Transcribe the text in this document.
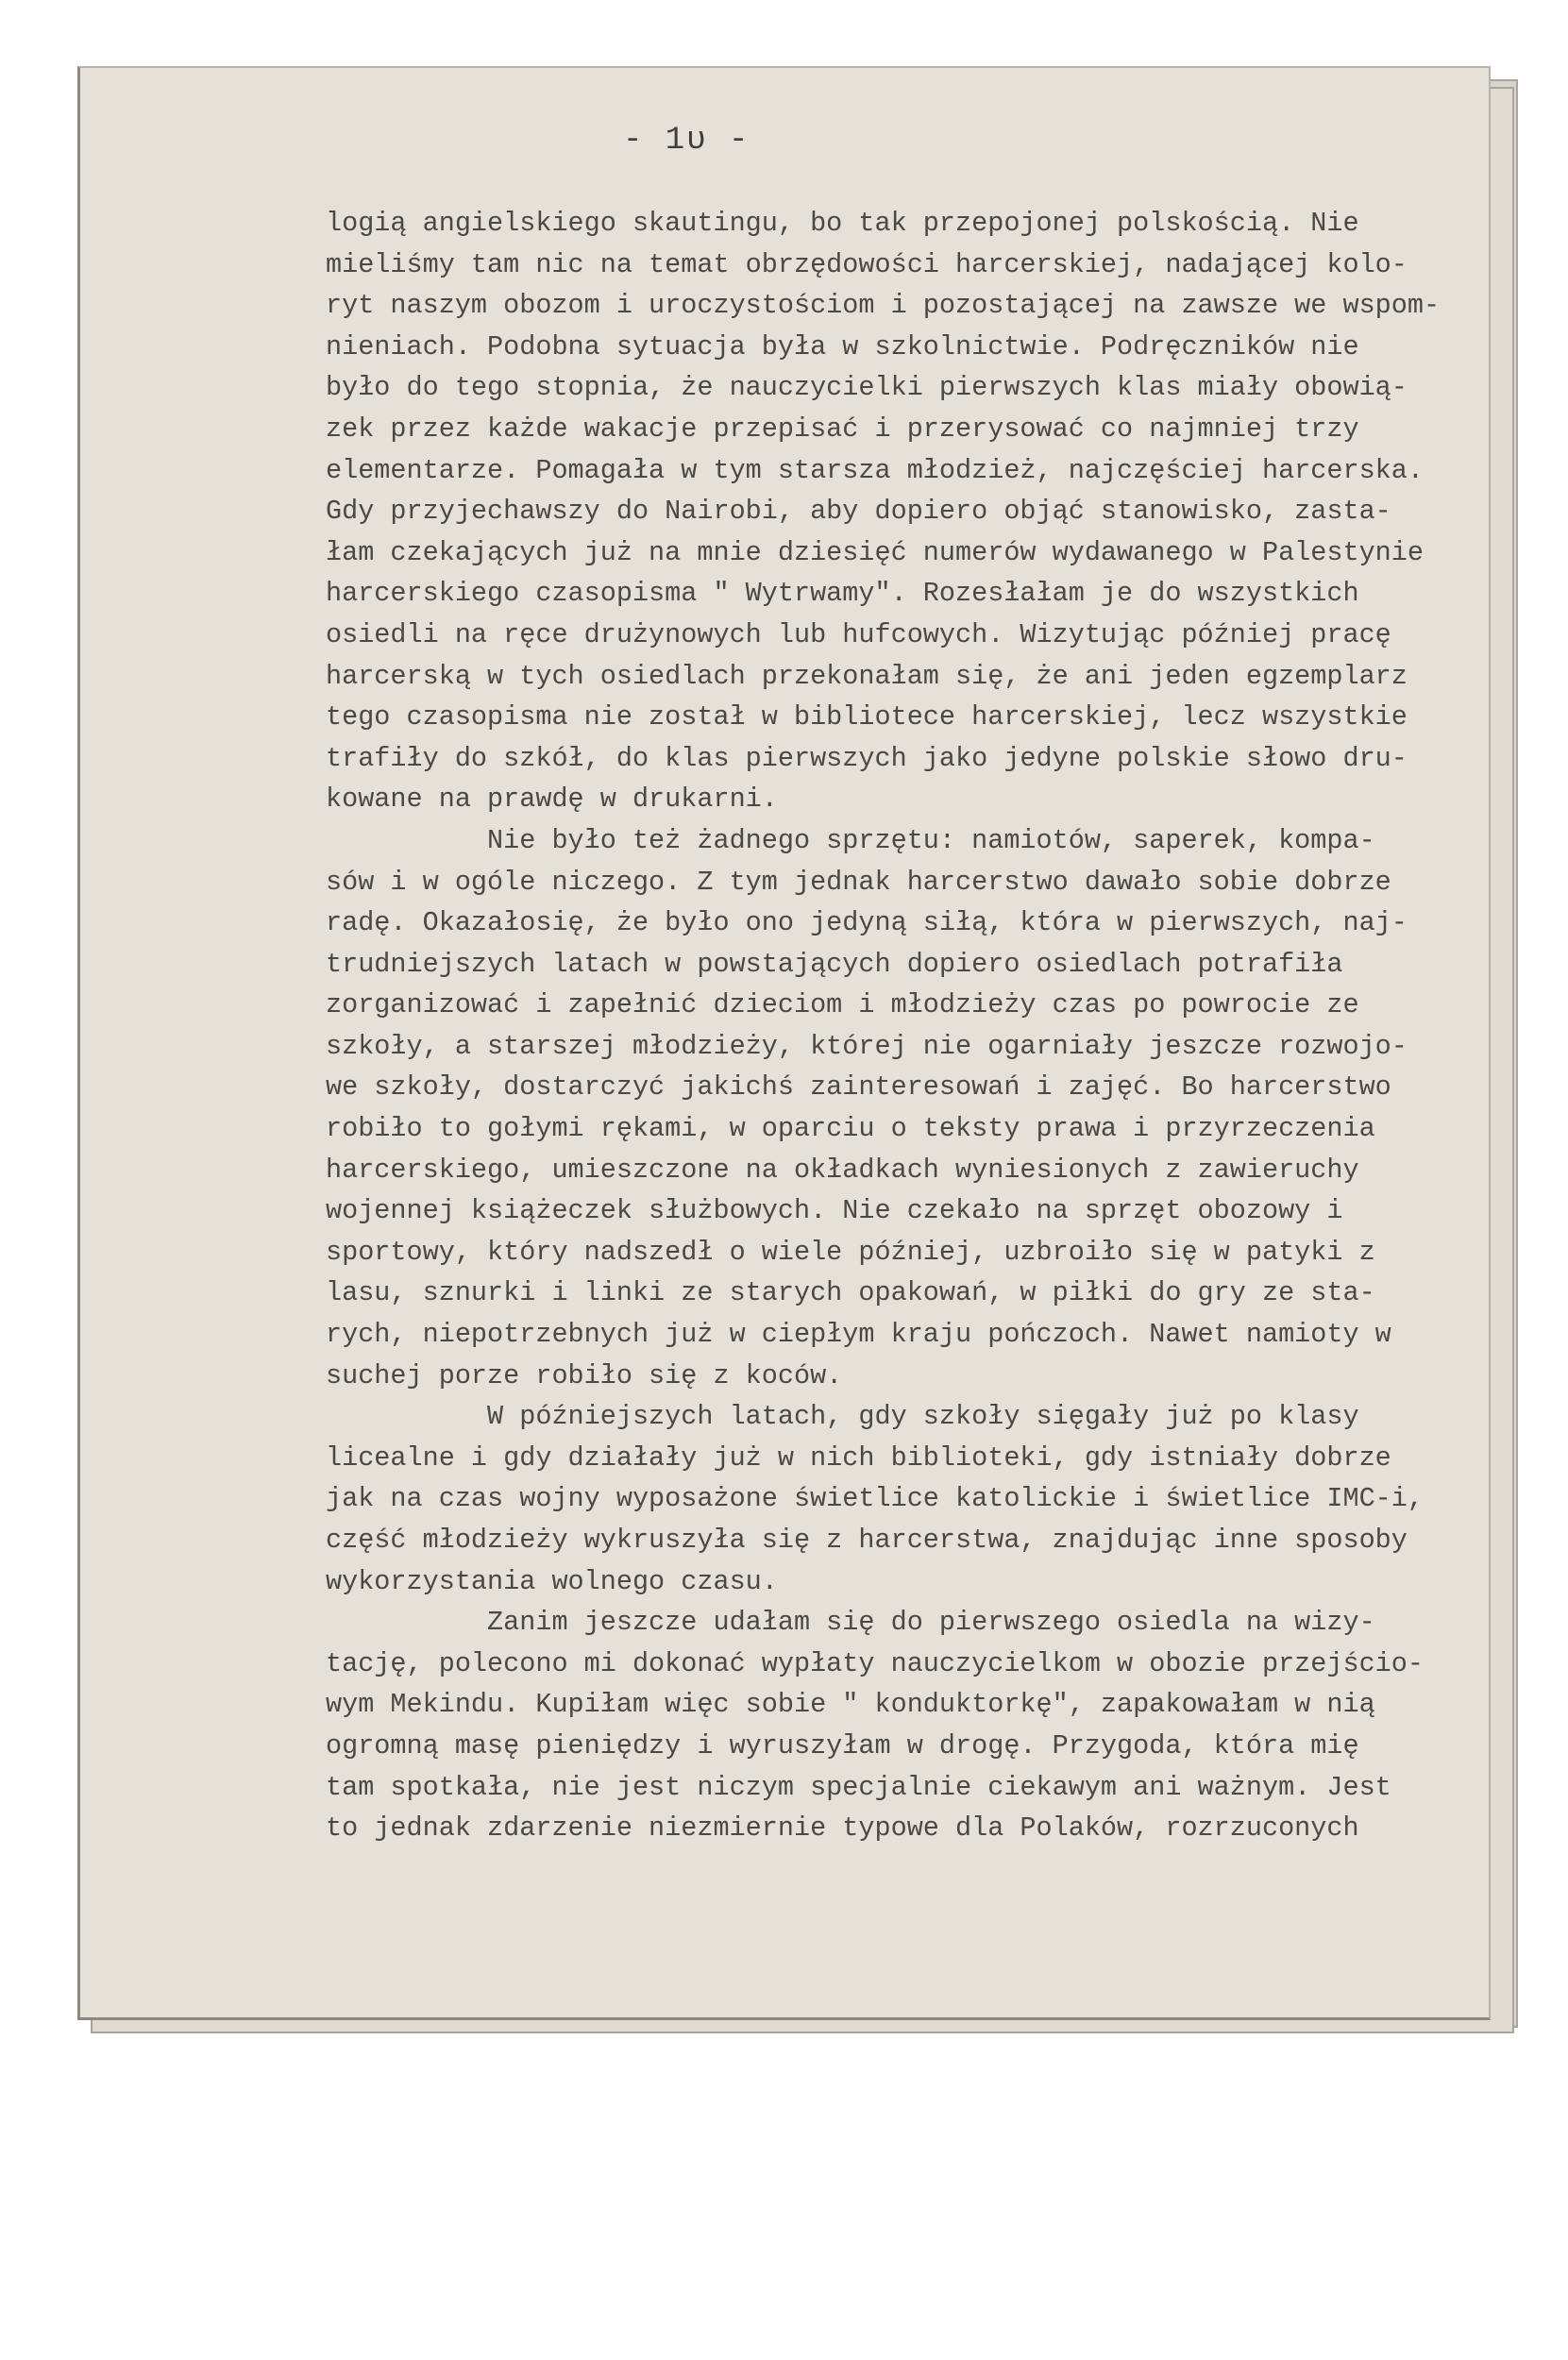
- 1ᴜ -
logią angielskiego skautingu, bo tak przepojonej polskością. Nie
mieliśmy tam nic na temat obrzędowości harcerskiej, nadającej kolo-
ryt naszym obozom i uroczystościom i pozostającej na zawsze we wspom-
nieniach. Podobna sytuacja była w szkolnictwie. Podręczników nie
było do tego stopnia, że nauczycielki pierwszych klas miały obowią-
zek przez każde wakacje przepisać i przerysować co najmniej trzy
elementarze. Pomagała w tym starsza młodzież, najczęściej harcerska.
Gdy przyjechawszy do Nairobi, aby dopiero objąć stanowisko, zasta-
łam czekających już na mnie dziesięć numerów wydawanego w Palestynie
harcerskiego czasopisma " Wytrwamy". Rozesłałam je do wszystkich
osiedli na ręce drużynowych lub hufcowych. Wizytując później pracę
harcerską w tych osiedlach przekonałam się, że ani jeden egzemplarz
tego czasopisma nie został w bibliotece harcerskiej, lecz wszystkie
trafiły do szkół, do klas pierwszych jako jedyne polskie słowo dru-
kowane na prawdę w drukarni.
Nie było też żadnego sprzętu: namiotów, saperek, kompa-
sów i w ogóle niczego. Z tym jednak harcerstwo dawało sobie dobrze
radę. Okazałosię, że było ono jedyną siłą, która w pierwszych, naj-
trudniejszych latach w powstających dopiero osiedlach potrafiła
zorganizować i zapełnić dzieciom i młodzieży czas po powrocie ze
szkoły, a starszej młodzieży, której nie ogarniały jeszcze rozwojo-
we szkoły, dostarczyć jakichś zainteresowań i zajęć. Bo harcerstwo
robiło to gołymi rękami, w oparciu o teksty prawa i przyrzeczenia
harcerskiego, umieszczone na okładkach wyniesionych z zawieruchy
wojennej książeczek służbowych. Nie czekało na sprzęt obozowy i
sportowy, który nadszedł o wiele później, uzbroiło się w patyki z
lasu, sznurki i linki ze starych opakowań, w piłki do gry ze sta-
rych, niepotrzebnych już w ciepłym kraju pończoch. Nawet namioty w
suchej porze robiło się z koców.
W późniejszych latach, gdy szkoły sięgały już po klasy
licealne i gdy działały już w nich biblioteki, gdy istniały dobrze
jak na czas wojny wyposażone świetlice katolickie i świetlice IMC-i,
część młodzieży wykruszyła się z harcerstwa, znajdując inne sposoby
wykorzystania wolnego czasu.
Zanim jeszcze udałam się do pierwszego osiedla na wizy-
tację, polecono mi dokonać wypłaty nauczycielkom w obozie przejścio-
wym Mekindu. Kupiłam więc sobie " konduktorkę", zapakowałam w nią
ogromną masę pieniędzy i wyruszyłam w drogę. Przygoda, która mię
tam spotkała, nie jest niczym specjalnie ciekawym ani ważnym. Jest
to jednak zdarzenie niezmiernie typowe dla Polaków, rozrzuconych
